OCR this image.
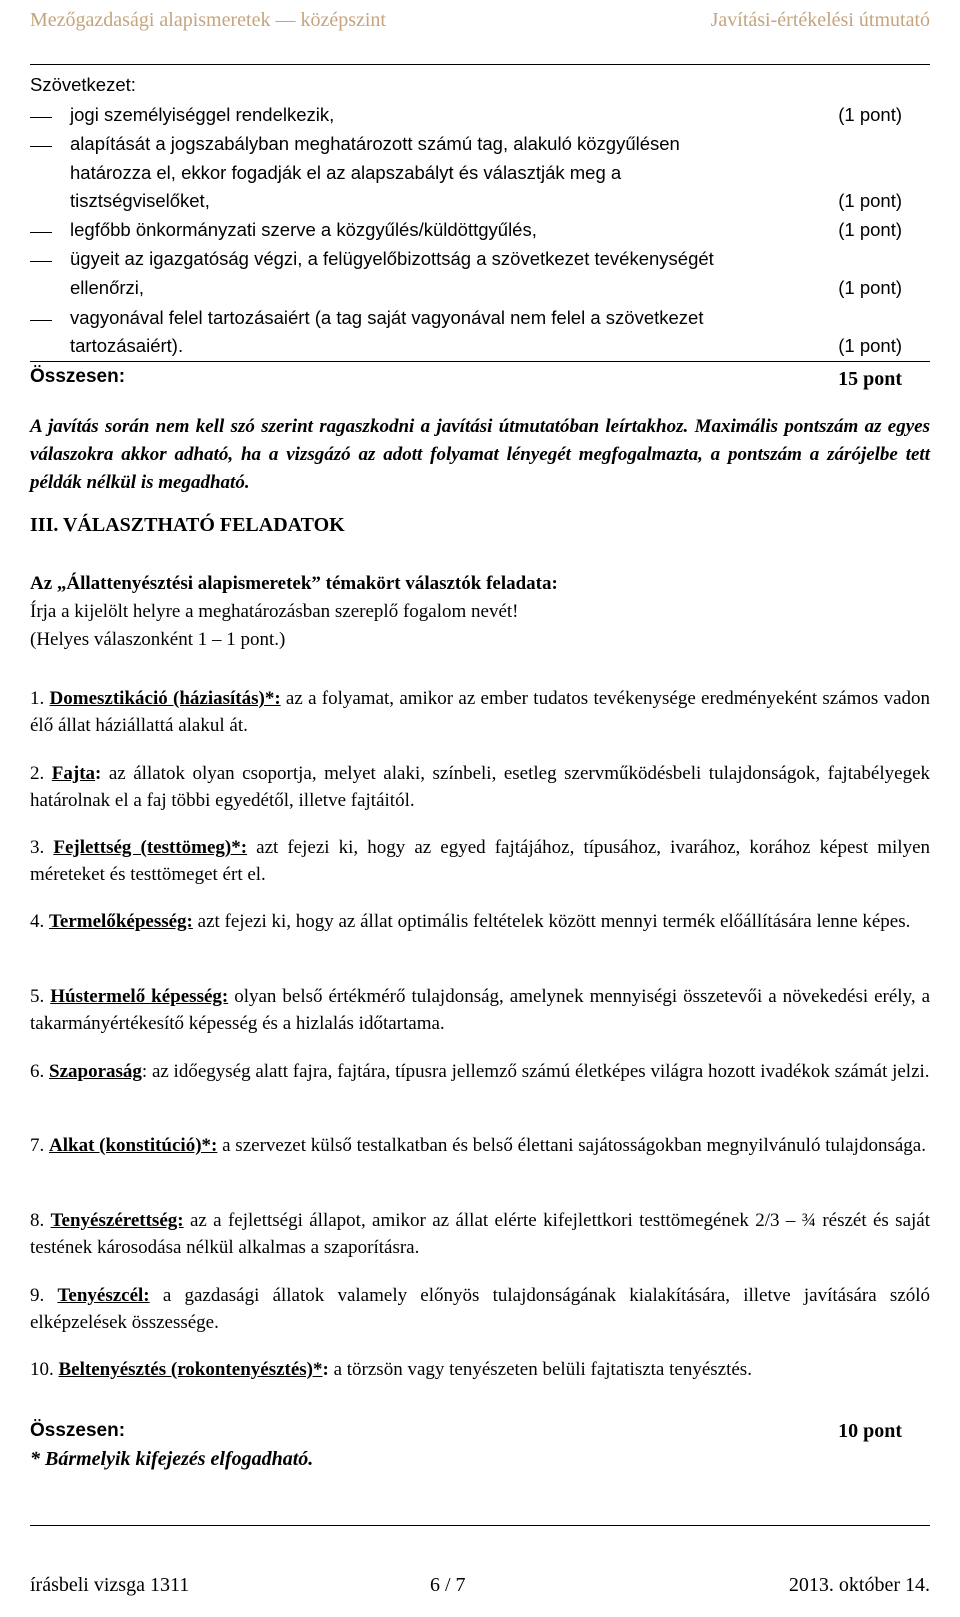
Mezőgazdasági alapismeretek — középszint	Javítási-értékelési útmutató
Szövetkezet:
jogi személyiséggel rendelkezik,	(1 pont)
alapítását a jogszabályban meghatározott számú tag, alakuló közgyűlésen
határozza el, ekkor fogadják el az alapszabályt és választják meg a
tisztségviselőket,	(1 pont)
legfőbb önkormányzati szerve a közgyűlés/küldöttgyűlés,	(1 pont)
ügyeit az igazgatóság végzi, a felügyelőbizottság a szövetkezet tevékenységét
ellenőrzi,	(1 pont)
vagyonával felel tartozásaiért (a tag saját vagyonával nem felel a szövetkezet
tartozásaiért).	(1 pont)
Összesen:	15 pont
A javítás során nem kell szó szerint ragaszkodni a javítási útmutatóban leírtakhoz. Maximális pontszám az egyes válaszokra akkor adható, ha a vizsgázó az adott folyamat lényegét megfogalmazta, a pontszám a zárójelbe tett példák nélkül is megadható.
III. VÁLASZTHATÓ FELADATOK
Az „Állattenyésztési alapismeretek” témakört választók feladata:
Írja a kijelölt helyre a meghatározásban szereplő fogalom nevét!
(Helyes válaszonként 1 – 1 pont.)
1. Domesztikáció (háziasítás)*: az a folyamat, amikor az ember tudatos tevékenysége eredményeként számos vadon élő állat háziállattá alakul át.
2. Fajta: az állatok olyan csoportja, melyet alaki, színbeli, esetleg szervműködésbeli tulajdonságok, fajtabélyegek határolnak el a faj többi egyedétől, illetve fajtáitól.
3. Fejlettség (testtömeg)*: azt fejezi ki, hogy az egyed fajtájához, típusához, ivarához, korához képest milyen méreteket és testtömeget ért el.
4. Termelőképesség: azt fejezi ki, hogy az állat optimális feltételek között mennyi termék előállítására lenne képes.
5. Hústermelő képesség: olyan belső értékmérő tulajdonság, amelynek mennyiségi összetevői a növekedési erély, a takarmányértékesítő képesség és a hizlalás időtartama.
6. Szaporaság: az időegység alatt fajra, fajtára, típusra jellemző számú életképes világra hozott ivadékok számát jelzi.
7. Alkat (konstitúció)*: a szervezet külső testalkatban és belső élettani sajátosságokban megnyilvánuló tulajdonsága.
8. Tenyészérettség: az a fejlettségi állapot, amikor az állat elérte kifejlettkori testtömegének 2/3 – ¾ részét és saját testének károsodása nélkül alkalmas a szaporításra.
9. Tenyészcél: a gazdasági állatok valamely előnyös tulajdonságának kialakítására, illetve javítására szóló elképzelések összessége.
10. Beltenyésztés (rokontenyésztés)*: a törzsön vagy tenyészeten belüli fajtatiszta tenyésztés.
Összesen:	10 pont
* Bármelyik kifejezés elfogadható.
írásbeli vizsga 1311	6 / 7	2013. október 14.
